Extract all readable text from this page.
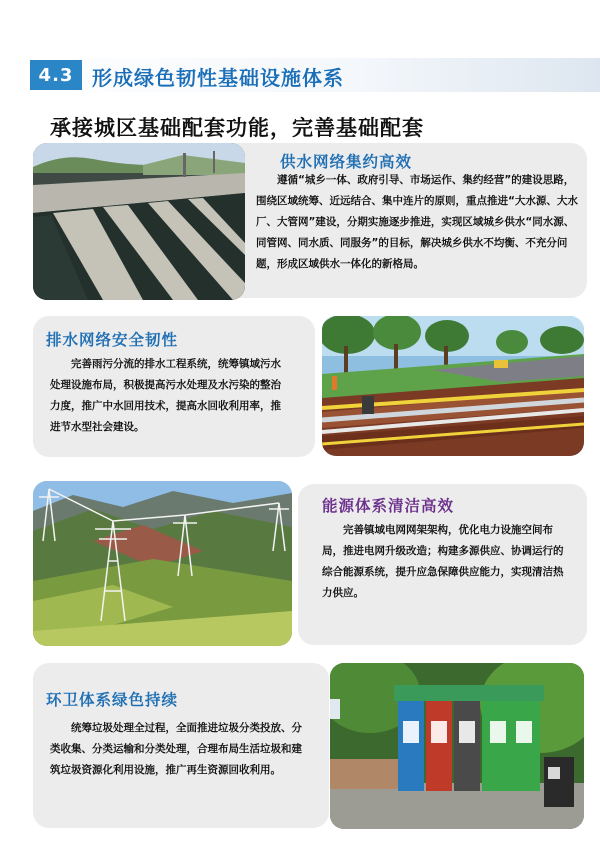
4.3 形成绿色韧性基础设施体系
承接城区基础配套功能，完善基础配套
供水网络集约高效
遵循“城乡一体、政府引导、市场运作、集约经营”的建设思路，围绕区域统筹、近远结合、集中连片的原则，重点推进“大水源、大水厂、大管网”建设，分期实施逐步推进，实现区域城乡供水“同水源、同管网、同水质、同服务”的目标，解决城乡供水不均衡、不充分问题，形成区域供水一体化的新格局。
排水网络安全韧性
完善雨污分流的排水工程系统，统筹镇域污水处理设施布局，积极提高污水处理及水污染的整治力度，推广中水回用技术，提高水回收利用率，推进节水型社会建设。
能源体系清洁高效
完善镇域电网网架架构，优化电力设施空间布局，推进电网升级改造；构建多源供应、协调运行的综合能源系统，提升应急保障供应能力，实现清洁热力供应。
环卫体系绿色持续
统筹垃圾处理全过程，全面推进垃圾分类投放、分类收集、分类运输和分类处理，合理布局生活垃圾和建筑垃圾资源化利用设施，推广再生资源回收利用。
